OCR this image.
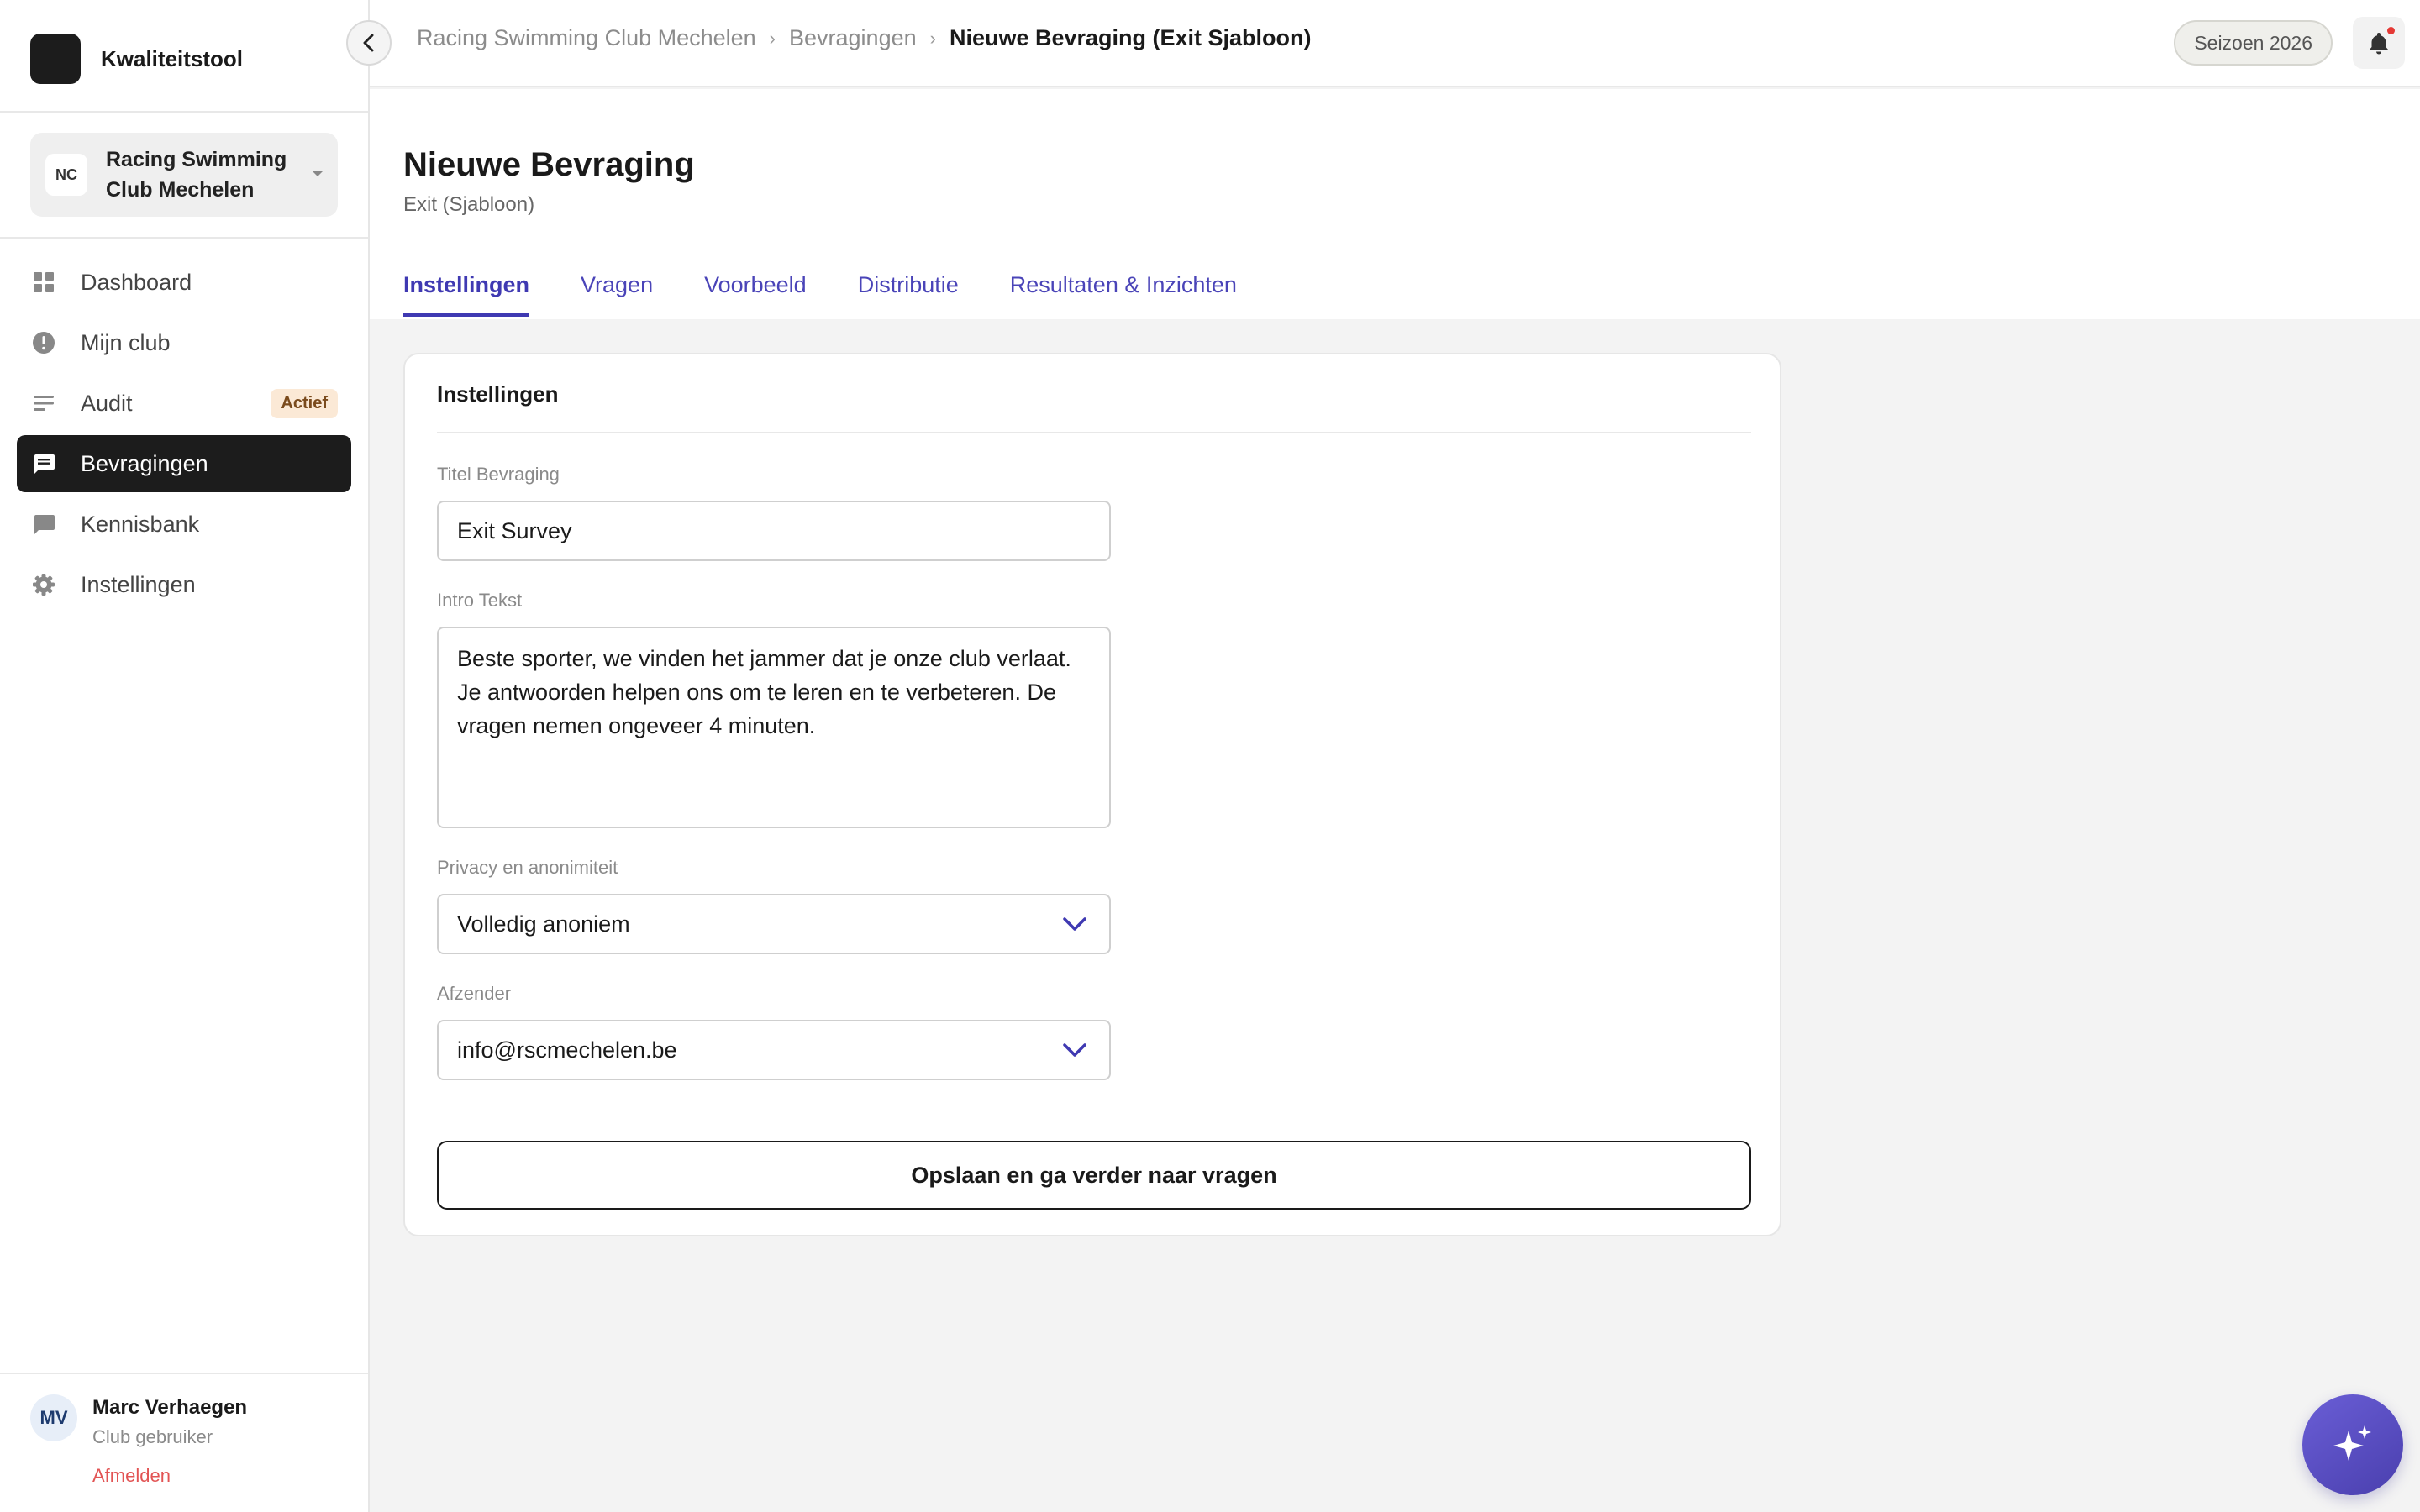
Kwaliteitstool
NC
Racing Swimming Club Mechelen
Dashboard
Mijn club
Audit	Actief
Bevragingen
Kennisbank
Instellingen
MV	Marc Verhaegen
Club gebruiker
Afmelden
Racing Swimming Club Mechelen › Bevragingen › Nieuwe Bevraging (Exit Sjabloon)	Seizoen 2026
Nieuwe Bevraging
Exit (Sjabloon)
Instellingen Vragen Voorbeeld Distributie Resultaten & Inzichten
Instellingen
Titel Bevraging
Exit Survey
Intro Tekst
Beste sporter, we vinden het jammer dat je onze club verlaat. Je antwoorden helpen ons om te leren en te verbeteren. De vragen nemen ongeveer 4 minuten.
Privacy en anonimiteit
Volledig anoniem
Afzender
info@rscmechelen.be
Opslaan en ga verder naar vragen
